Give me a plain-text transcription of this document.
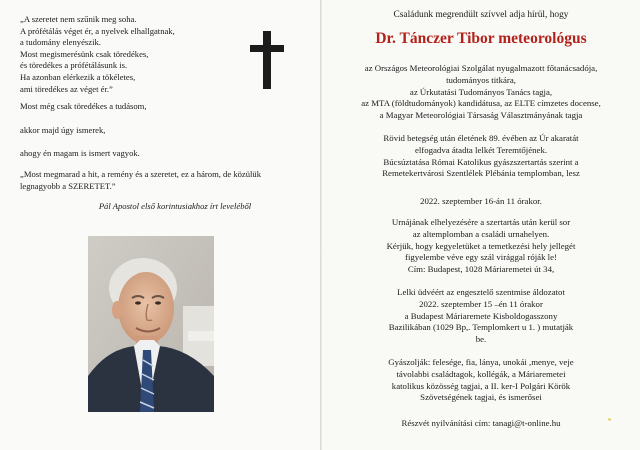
„A szeretet nem szűnik meg soha.

A prófétálás véget ér, a nyelvek elhallgatnak,

a tudomány elenyészik.

Most megismerésünk csak töredékes,

és töredékes a prófétálásunk is.

Ha azonban elérkezik a tökéletes,

ami töredékes az véget ér.”

Most még csak töredékes a tudásom,
akkor majd úgy ismerek,
ahogy én magam is ismert vagyok.
„Most megmarad a hit, a remény és a szeretet, ez a három, de közülük legnagyobb a SZERETET.”
Pál Apostol első korintusiakhoz írt leveléből
Családunk megrendült szívvel adja hírül, hogy
Dr. Tánczer Tibor meteorológus

az Országos Meteorológiai Szolgálat nyugalmazott főtanácsadója,
tudományos titkára,
az Úrkutatási Tudományos Tanács tagja,
az MTA (földtudományok) kandidátusa, az ELTE címzetes docense,
a Magyar Meteorológiai Társaság Választmányának tagja

Rövid betegség után életének 89. évében az Úr akaratát
elfogadva átadta lelkét Teremtőjének.
Búcsúztatása Római Katolikus gyászszertartás szerint a
Remetekertvárosi Szentlélek Plébánia templomban, lesz

2022. szeptember 16-án 11 órakor.

Urnájának elhelyezésére a szertartás után kerül sor
az altemplomban a családi urnahelyen.
Kérjük, hogy kegyeletüket a temetkezési hely jellegét
figyelembe véve egy szál virággal róják le!
Cím: Budapest, 1028 Máriaremetei út 34,

Lelki üdvéért az engesztelő szentmise áldozatot
2022. szeptember 15 –én 11 órakor
a Budapest Máriaremete Kisboldogasszony
Bazilikában (1029 Bp,. Templomkert u 1. ) mutatják
be.

Gyászolják: felesége, fia, lánya, unokái ,menye, veje
távolabbi családtagok, kollégák, a Máriaremetei
katolikus közösség tagjai, a II. ker-I Polgári Körök
Szövetségének tagjai, és ismerősei

Részvét nyilvánítási cím: tanagi@t-online.hu
